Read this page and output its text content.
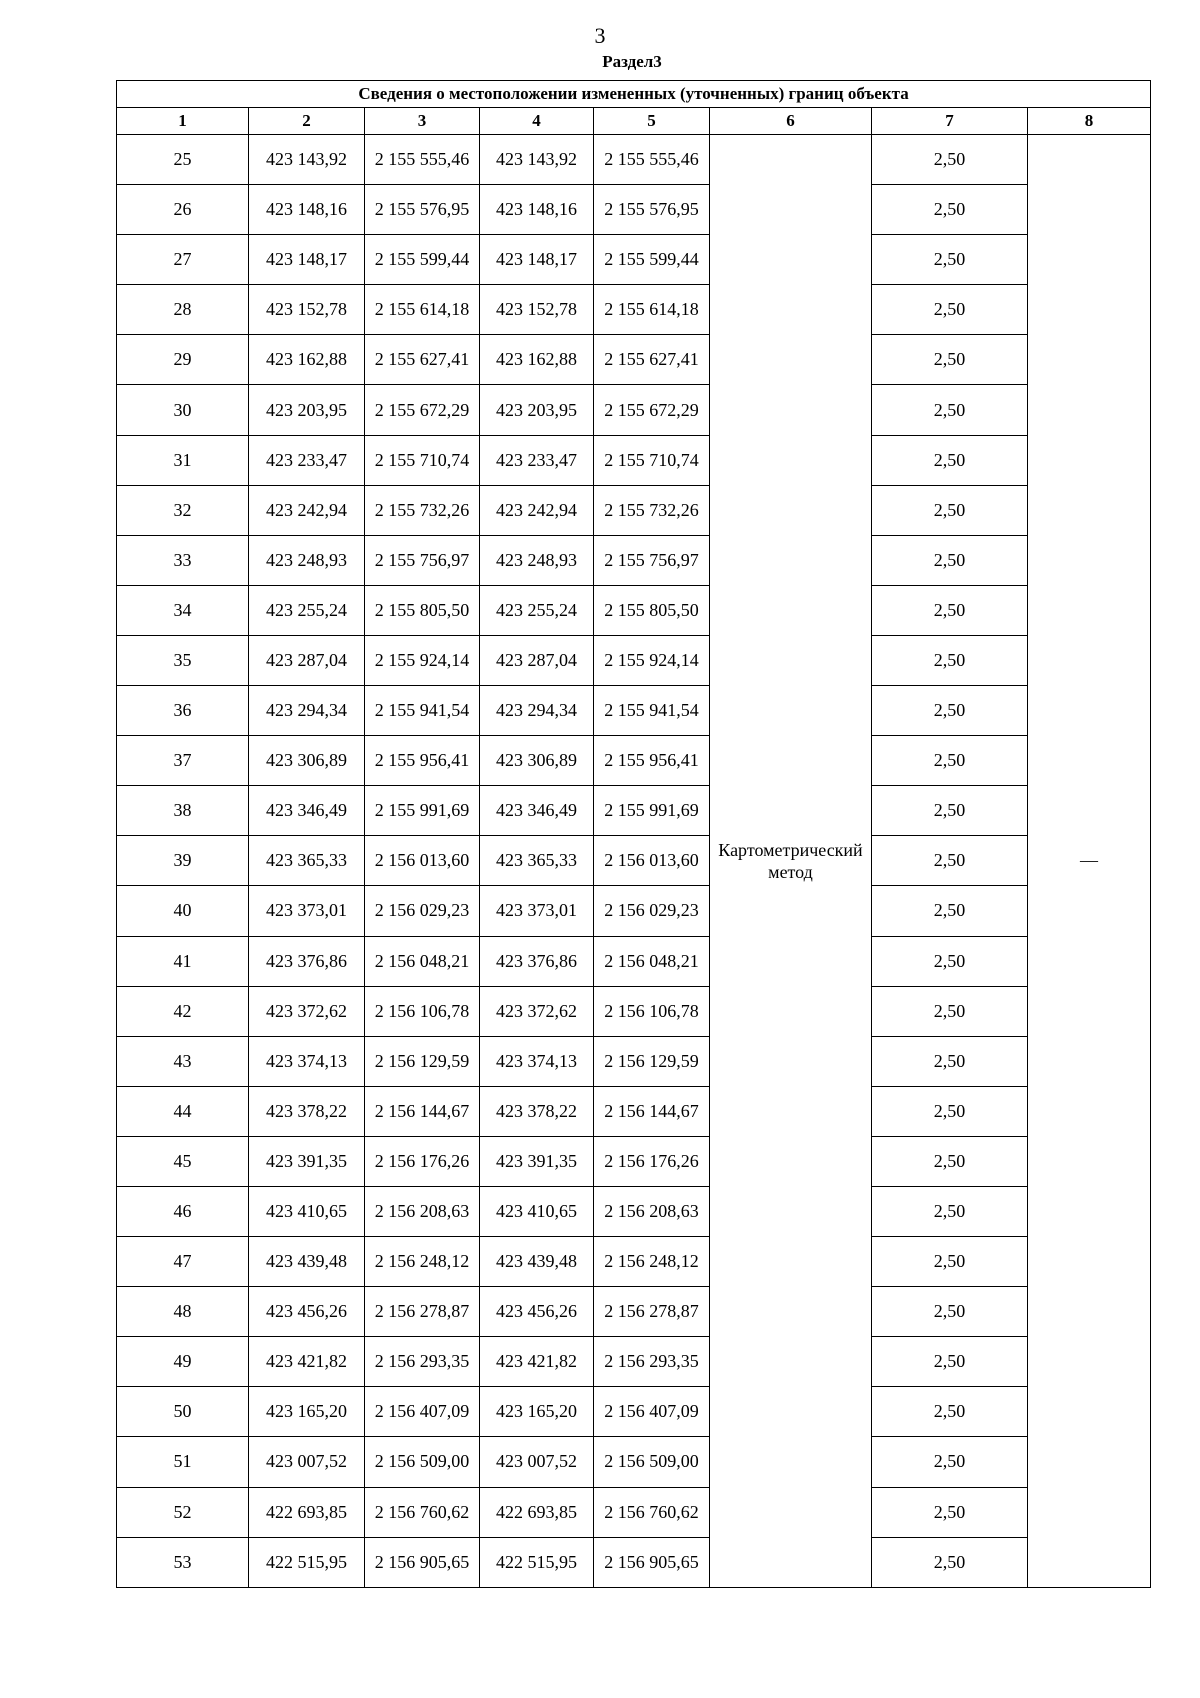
3
Раздел3
Сведения о местоположении измененных (уточненных) границ объекта							
1	2	3	4	5	6	7	8
25	423 143,92	2 155 555,46	423 143,92	2 155 555,46	Картометрический метод	2,50	—
26	423 148,16	2 155 576,95	423 148,16	2 155 576,95		2,50	
27	423 148,17	2 155 599,44	423 148,17	2 155 599,44		2,50	
28	423 152,78	2 155 614,18	423 152,78	2 155 614,18		2,50	
29	423 162,88	2 155 627,41	423 162,88	2 155 627,41		2,50	
30	423 203,95	2 155 672,29	423 203,95	2 155 672,29		2,50	
31	423 233,47	2 155 710,74	423 233,47	2 155 710,74		2,50	
32	423 242,94	2 155 732,26	423 242,94	2 155 732,26		2,50	
33	423 248,93	2 155 756,97	423 248,93	2 155 756,97		2,50	
34	423 255,24	2 155 805,50	423 255,24	2 155 805,50		2,50	
35	423 287,04	2 155 924,14	423 287,04	2 155 924,14		2,50	
36	423 294,34	2 155 941,54	423 294,34	2 155 941,54		2,50	
37	423 306,89	2 155 956,41	423 306,89	2 155 956,41		2,50	
38	423 346,49	2 155 991,69	423 346,49	2 155 991,69		2,50	
39	423 365,33	2 156 013,60	423 365,33	2 156 013,60		2,50	
40	423 373,01	2 156 029,23	423 373,01	2 156 029,23		2,50	
41	423 376,86	2 156 048,21	423 376,86	2 156 048,21		2,50	
42	423 372,62	2 156 106,78	423 372,62	2 156 106,78		2,50	
43	423 374,13	2 156 129,59	423 374,13	2 156 129,59		2,50	
44	423 378,22	2 156 144,67	423 378,22	2 156 144,67		2,50	
45	423 391,35	2 156 176,26	423 391,35	2 156 176,26		2,50	
46	423 410,65	2 156 208,63	423 410,65	2 156 208,63		2,50	
47	423 439,48	2 156 248,12	423 439,48	2 156 248,12		2,50	
48	423 456,26	2 156 278,87	423 456,26	2 156 278,87		2,50	
49	423 421,82	2 156 293,35	423 421,82	2 156 293,35		2,50	
50	423 165,20	2 156 407,09	423 165,20	2 156 407,09		2,50	
51	423 007,52	2 156 509,00	423 007,52	2 156 509,00		2,50	
52	422 693,85	2 156 760,62	422 693,85	2 156 760,62		2,50	
53	422 515,95	2 156 905,65	422 515,95	2 156 905,65		2,50	
